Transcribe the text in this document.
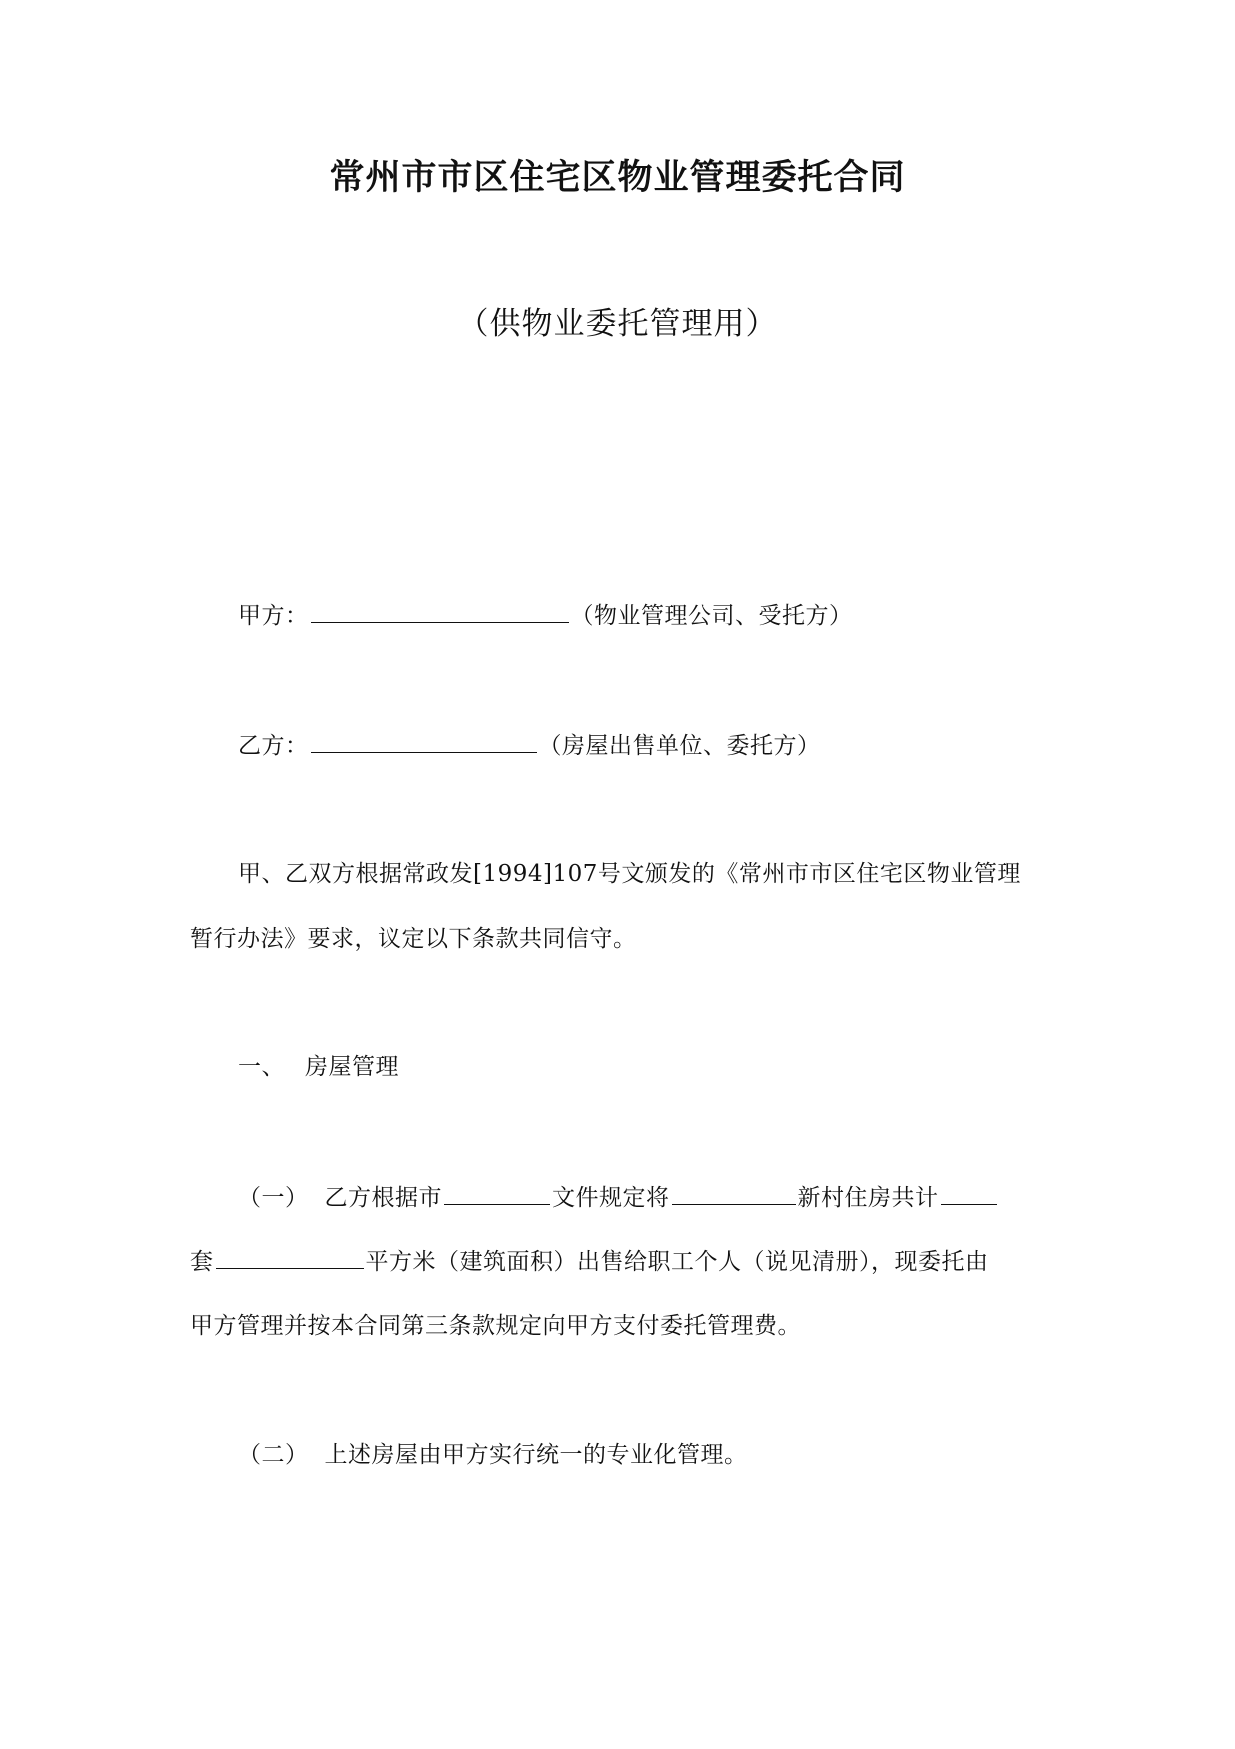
常州市市区住宅区物业管理委托合同
（供物业委托管理用）
甲方：	（物业管理公司、受托方）
乙方：	（房屋出售单位、委托方）
甲、乙双方根据常政发[1994]107号文颁发的《常州市市区住宅区物业管理
暂行办法》要求，议定以下条款共同信守。
一、 房屋管理
（一） 乙方根据市	文件规定将	新村住房共计
套	平方米（建筑面积）出售给职工个人（说见清册），现委托由
甲方管理并按本合同第三条款规定向甲方支付委托管理费。
（二） 上述房屋由甲方实行统一的专业化管理。
